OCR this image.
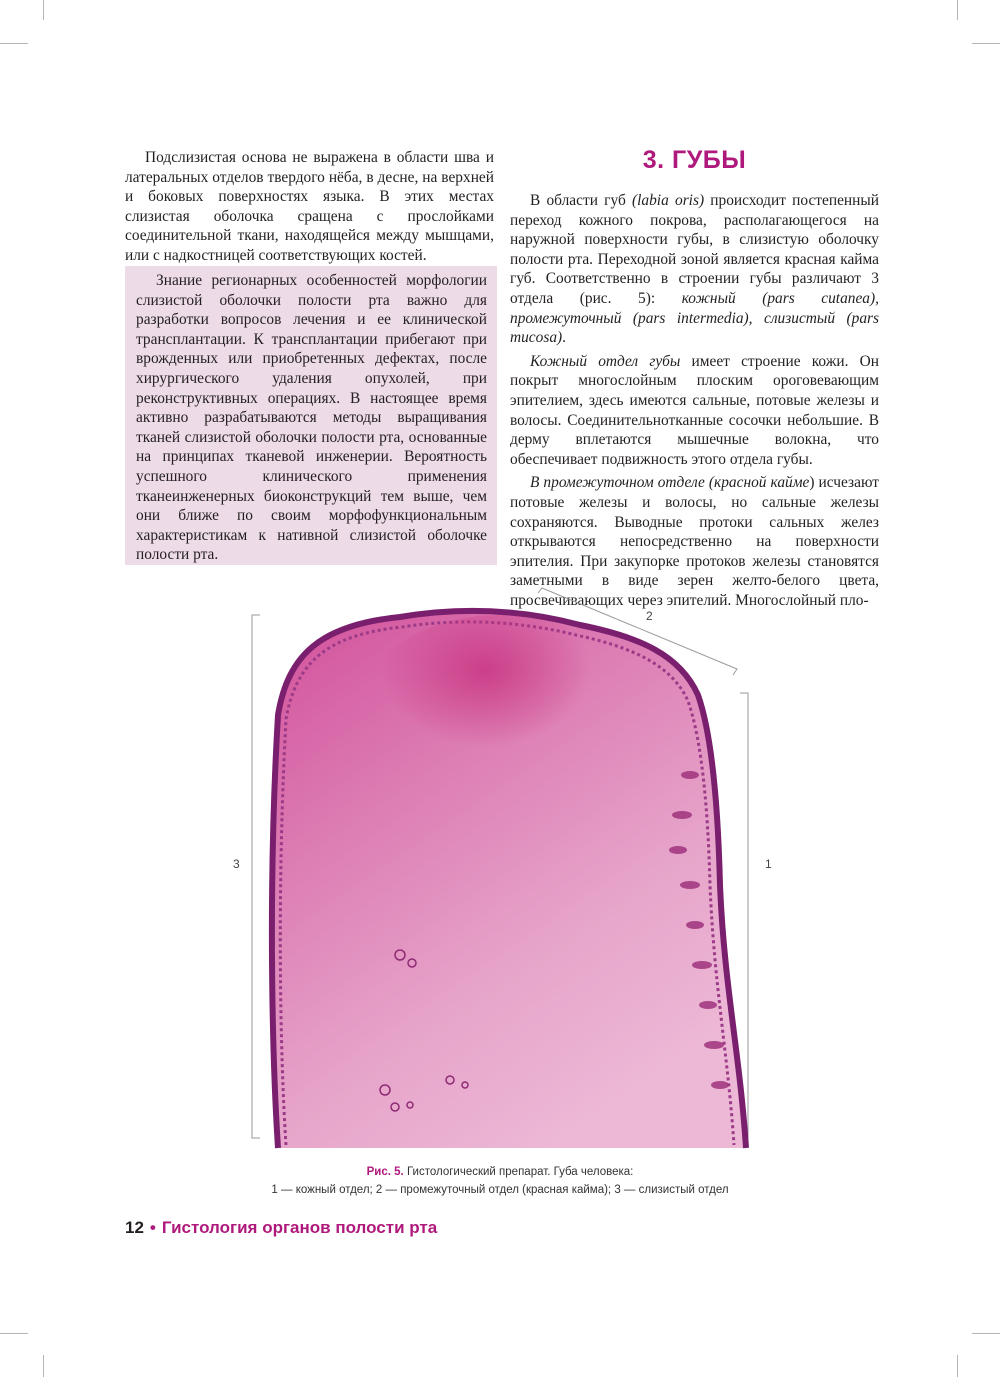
Подслизистая основа не выражена в области шва и латеральных отделов твердого нёба, в десне, на верхней и боковых поверхностях языка. В этих местах слизистая оболочка сращена с прослойками соединительной ткани, находящейся между мышцами, или с надкостницей соответствующих костей.

Знание регионарных особенностей морфологии слизистой оболочки полости рта важно для разработки вопросов лечения и ее клинической трансплантации. К трансплантации прибегают при врожденных или приобретенных дефектах, после хирургического удаления опухолей, при реконструктивных операциях. В настоящее время активно разрабатываются методы выращивания тканей слизистой оболочки полости рта, основанные на принципах тканевой инженерии. Вероятность успешного клинического применения тканеинженерных биоконструкций тем выше, чем они ближе по своим морфофункциональным характеристикам к нативной слизистой оболочке полости рта.

3. ГУБЫ

В области губ (labia oris) происходит постепенный переход кожного покрова, располагающегося на наружной поверхности губы, в слизистую оболочку полости рта. Переходной зоной является красная кайма губ. Соответственно в строении губы различают 3 отдела (рис. 5): кожный (pars cutanea), промежуточный (pars intermedia), слизистый (pars mucosa).

Кожный отдел губы имеет строение кожи. Он покрыт многослойным плоским ороговевающим эпителием, здесь имеются сальные, потовые железы и волосы. Соединительнотканные сосочки небольшие. В дерму вплетаются мышечные волокна, что обеспечивает подвижность этого отдела губы.

В промежуточном отделе (красной кайме) исчезают потовые железы и волосы, но сальные железы сохраняются. Выводные протоки сальных желез открываются непосредственно на поверхности эпителия. При закупорке протоков железы становятся заметными в виде зерен желто-белого цвета, просвечивающих через эпителий. Многослойный пло-

1
2
3
Рис. 5. Гистологический препарат. Губа человека:
1 — кожный отдел; 2 — промежуточный отдел (красная кайма); 3 — слизистый отдел
12 • Гистология органов полости рта
